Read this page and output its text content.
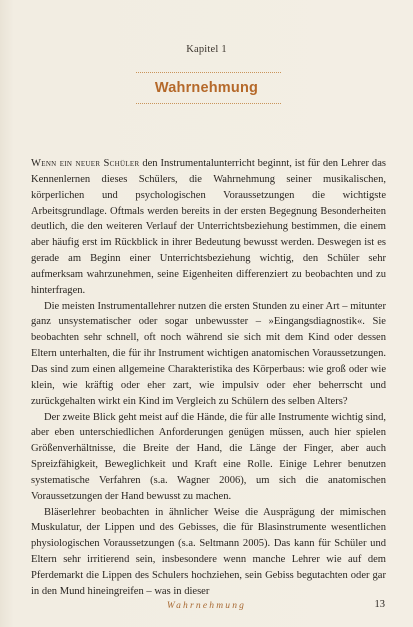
Kapitel 1
Wahrnehmung

Wenn ein neuer Schüler den Instrumentalunterricht beginnt, ist für den Lehrer das Kennenlernen dieses Schülers, die Wahrnehmung seiner musikalischen, körperlichen und psychologischen Voraussetzungen die wichtigste Arbeitsgrundlage. Oftmals werden bereits in der ersten Begegnung Besonderheiten deutlich, die den weiteren Verlauf der Unterrichtsbeziehung bestimmen, die einem aber häufig erst im Rückblick in ihrer Bedeutung bewusst werden. Deswegen ist es gerade am Beginn einer Unterrichtsbeziehung wichtig, den Schüler sehr aufmerksam wahrzunehmen, seine Eigenheiten differenziert zu beobachten und zu hinterfragen.

Die meisten Instrumentallehrer nutzen die ersten Stunden zu einer Art – mitunter ganz unsystematischer oder sogar unbewusster – »Eingangsdiagnostik«. Sie beobachten sehr schnell, oft noch während sie sich mit dem Kind oder dessen Eltern unterhalten, die für ihr Instrument wichtigen anatomischen Voraussetzungen. Das sind zum einen allgemeine Charakteristika des Körperbaus: wie groß oder wie klein, wie kräftig oder eher zart, wie impulsiv oder eher beherrscht und zurückgehalten wirkt ein Kind im Vergleich zu Schülern des selben Alters?

Der zweite Blick geht meist auf die Hände, die für alle Instrumente wichtig sind, aber eben unterschiedlichen Anforderungen genügen müssen, auch hier spielen Größenverhältnisse, die Breite der Hand, die Länge der Finger, aber auch Spreizfähigkeit, Beweglichkeit und Kraft eine Rolle. Einige Lehrer benutzen systematische Verfahren (s.a. Wagner 2006), um sich die anatomischen Voraussetzungen der Hand bewusst zu machen.

Bläserlehrer beobachten in ähnlicher Weise die Ausprägung der mimischen Muskulatur, der Lippen und des Gebisses, die für Blasinstrumente wesentlichen physiologischen Voraussetzungen (s.a. Seltmann 2005). Das kann für Schüler und Eltern sehr irritierend sein, insbesondere wenn manche Lehrer wie auf dem Pferdemarkt die Lippen des Schulers hochziehen, sein Gebiss begutachten oder gar in den Mund hineingreifen – was in dieser

Wahrnehmung	13
